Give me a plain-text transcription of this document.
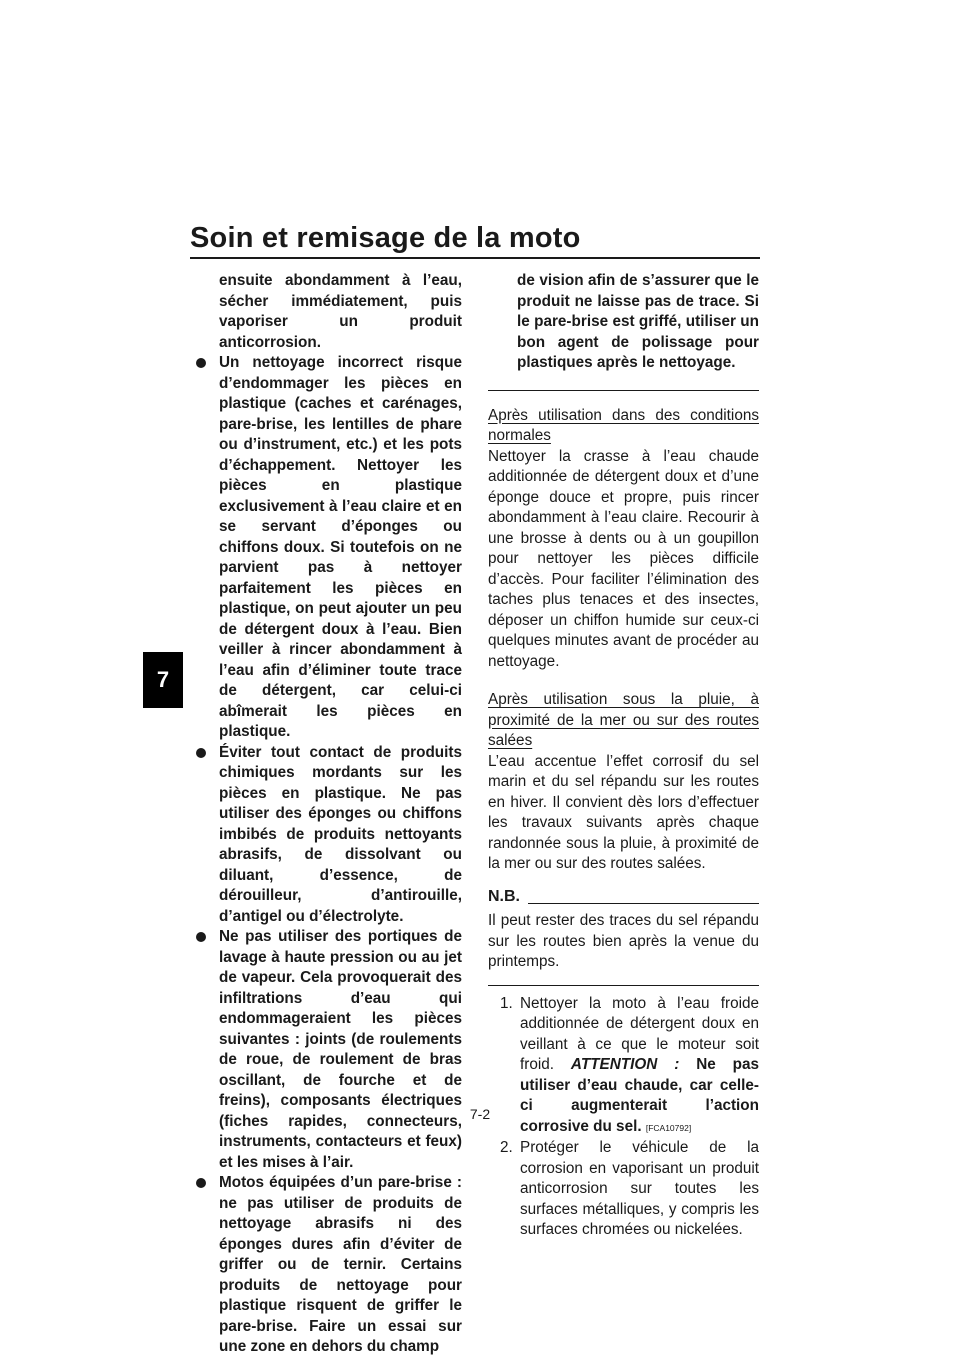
Soin et remisage de la moto
7

ensuite abondamment à l’eau, sécher immédiatement, puis vaporiser un produit anticorrosion.

Un nettoyage incorrect risque d’endommager les pièces en plastique (caches et carénages, pare-brise, les lentilles de phare ou d’instrument, etc.) et les pots d’échappement. Nettoyer les pièces en plastique exclusivement à l’eau claire et en se servant d’éponges ou chiffons doux. Si toutefois on ne parvient pas à nettoyer parfaitement les pièces en plastique, on peut ajouter un peu de détergent doux à l’eau. Bien veiller à rincer abondamment à l’eau afin d’éliminer toute trace de détergent, car celui-ci abîmerait les pièces en plastique.
Éviter tout contact de produits chimiques mordants sur les pièces en plastique. Ne pas utiliser des éponges ou chiffons imbibés de produits nettoyants abrasifs, de dissolvant ou diluant, d’essence, de dérouilleur, d’antirouille, d’antigel ou d’électrolyte.
Ne pas utiliser des portiques de lavage à haute pression ou au jet de vapeur. Cela provoquerait des infiltrations d’eau qui endommageraient les pièces suivantes : joints (de roulements de roue, de roulement de bras oscillant, de fourche et de freins), composants électriques (fiches rapides, connecteurs, instruments, contacteurs et feux) et les mises à l’air.
Motos équipées d’un pare-brise : ne pas utiliser de produits de nettoyage abrasifs ni des éponges dures afin d’éviter de griffer ou de ternir. Certains produits de nettoyage pour plastique risquent de griffer le pare-brise. Faire un essai sur une zone en dehors du champ

de vision afin de s’assurer que le produit ne laisse pas de trace. Si le pare-brise est griffé, utiliser un bon agent de polissage pour plastiques après le nettoyage.

Après utilisation dans des conditions normales

Nettoyer la crasse à l’eau chaude additionnée de détergent doux et d’une éponge douce et propre, puis rincer abondamment à l’eau claire. Recourir à une brosse à dents ou à un goupillon pour nettoyer les pièces difficile d’accès. Pour faciliter l’élimination des taches plus tenaces et des insectes, déposer un chiffon humide sur ceux-ci quelques minutes avant de procéder au nettoyage.

Après utilisation sous la pluie, à proximité de la mer ou sur des routes salées

L’eau accentue l’effet corrosif du sel marin et du sel répandu sur les routes en hiver. Il convient dès lors d’effectuer les travaux suivants après chaque randonnée sous la pluie, à proximité de la mer ou sur des routes salées.

N.B.

Il peut rester des traces du sel répandu sur les routes bien après la venue du printemps.

1. Nettoyer la moto à l’eau froide additionnée de détergent doux en veillant à ce que le moteur soit froid. ATTENTION : Ne pas utiliser d’eau chaude, car celle-ci augmenterait l’action corrosive du sel. [FCA10792]
2. Protéger le véhicule de la corrosion en vaporisant un produit anticorrosion sur toutes les surfaces métalliques, y compris les surfaces chromées ou nickelées.
7-2
